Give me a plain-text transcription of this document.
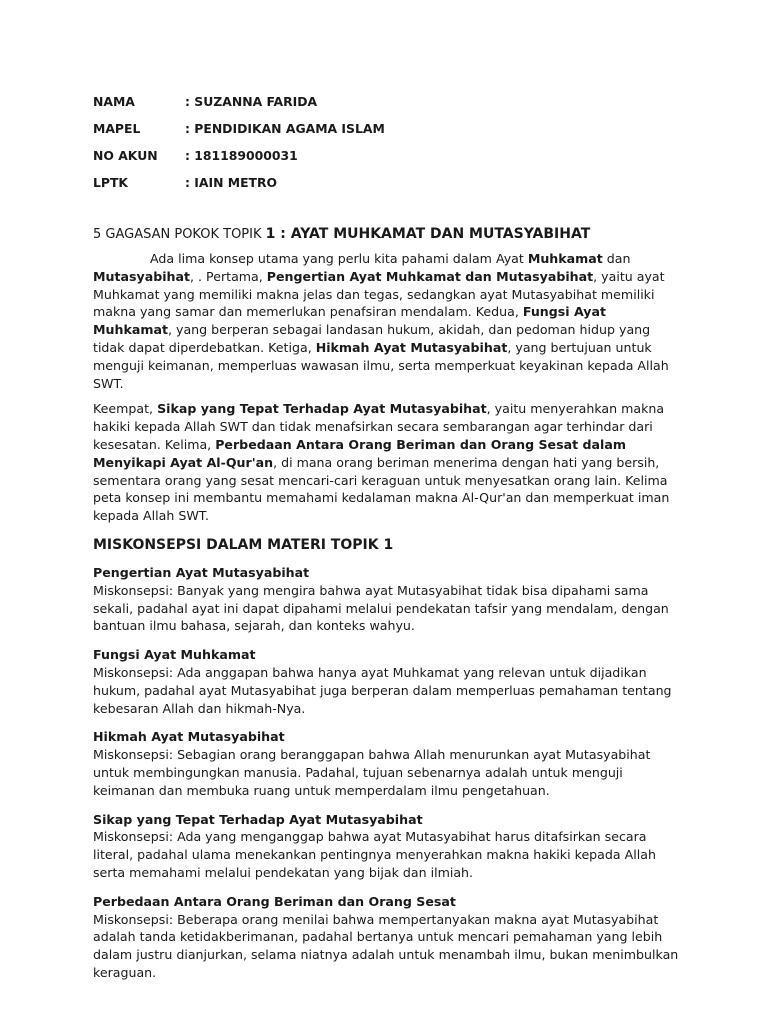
NAMA	: SUZANNA FARIDA
MAPEL	: PENDIDIKAN AGAMA ISLAM
NO AKUN	: 181189000031
LPTK	: IAIN METRO
5 GAGASAN POKOK TOPIK 1 : AYAT MUHKAMAT DAN MUTASYABIHAT

Ada lima konsep utama yang perlu kita pahami dalam Ayat Muhkamat dan Mutasyabihat, . Pertama, Pengertian Ayat Muhkamat dan Mutasyabihat, yaitu ayat Muhkamat yang memiliki makna jelas dan tegas, sedangkan ayat Mutasyabihat memiliki makna yang samar dan memerlukan penafsiran mendalam. Kedua, Fungsi Ayat Muhkamat, yang berperan sebagai landasan hukum, akidah, dan pedoman hidup yang tidak dapat diperdebatkan. Ketiga, Hikmah Ayat Mutasyabihat, yang bertujuan untuk menguji keimanan, memperluas wawasan ilmu, serta memperkuat keyakinan kepada Allah SWT.

Keempat, Sikap yang Tepat Terhadap Ayat Mutasyabihat, yaitu menyerahkan makna hakiki kepada Allah SWT dan tidak menafsirkan secara sembarangan agar terhindar dari kesesatan. Kelima, Perbedaan Antara Orang Beriman dan Orang Sesat dalam Menyikapi Ayat Al-Qur'an, di mana orang beriman menerima dengan hati yang bersih, sementara orang yang sesat mencari-cari keraguan untuk menyesatkan orang lain. Kelima peta konsep ini membantu memahami kedalaman makna Al-Qur'an dan memperkuat iman kepada Allah SWT.

MISKONSEPSI DALAM MATERI TOPIK 1
Pengertian Ayat Mutasyabihat
Miskonsepsi: Banyak yang mengira bahwa ayat Mutasyabihat tidak bisa dipahami sama sekali, padahal ayat ini dapat dipahami melalui pendekatan tafsir yang mendalam, dengan bantuan ilmu bahasa, sejarah, dan konteks wahyu.
Fungsi Ayat Muhkamat
Miskonsepsi: Ada anggapan bahwa hanya ayat Muhkamat yang relevan untuk dijadikan hukum, padahal ayat Mutasyabihat juga berperan dalam memperluas pemahaman tentang kebesaran Allah dan hikmah-Nya.
Hikmah Ayat Mutasyabihat
Miskonsepsi: Sebagian orang beranggapan bahwa Allah menurunkan ayat Mutasyabihat untuk membingungkan manusia. Padahal, tujuan sebenarnya adalah untuk menguji keimanan dan membuka ruang untuk memperdalam ilmu pengetahuan.
Sikap yang Tepat Terhadap Ayat Mutasyabihat
Miskonsepsi: Ada yang menganggap bahwa ayat Mutasyabihat harus ditafsirkan secara literal, padahal ulama menekankan pentingnya menyerahkan makna hakiki kepada Allah serta memahami melalui pendekatan yang bijak dan ilmiah.
Perbedaan Antara Orang Beriman dan Orang Sesat
Miskonsepsi: Beberapa orang menilai bahwa mempertanyakan makna ayat Mutasyabihat adalah tanda ketidakberimanan, padahal bertanya untuk mencari pemahaman yang lebih dalam justru dianjurkan, selama niatnya adalah untuk menambah ilmu, bukan menimbulkan keraguan.
